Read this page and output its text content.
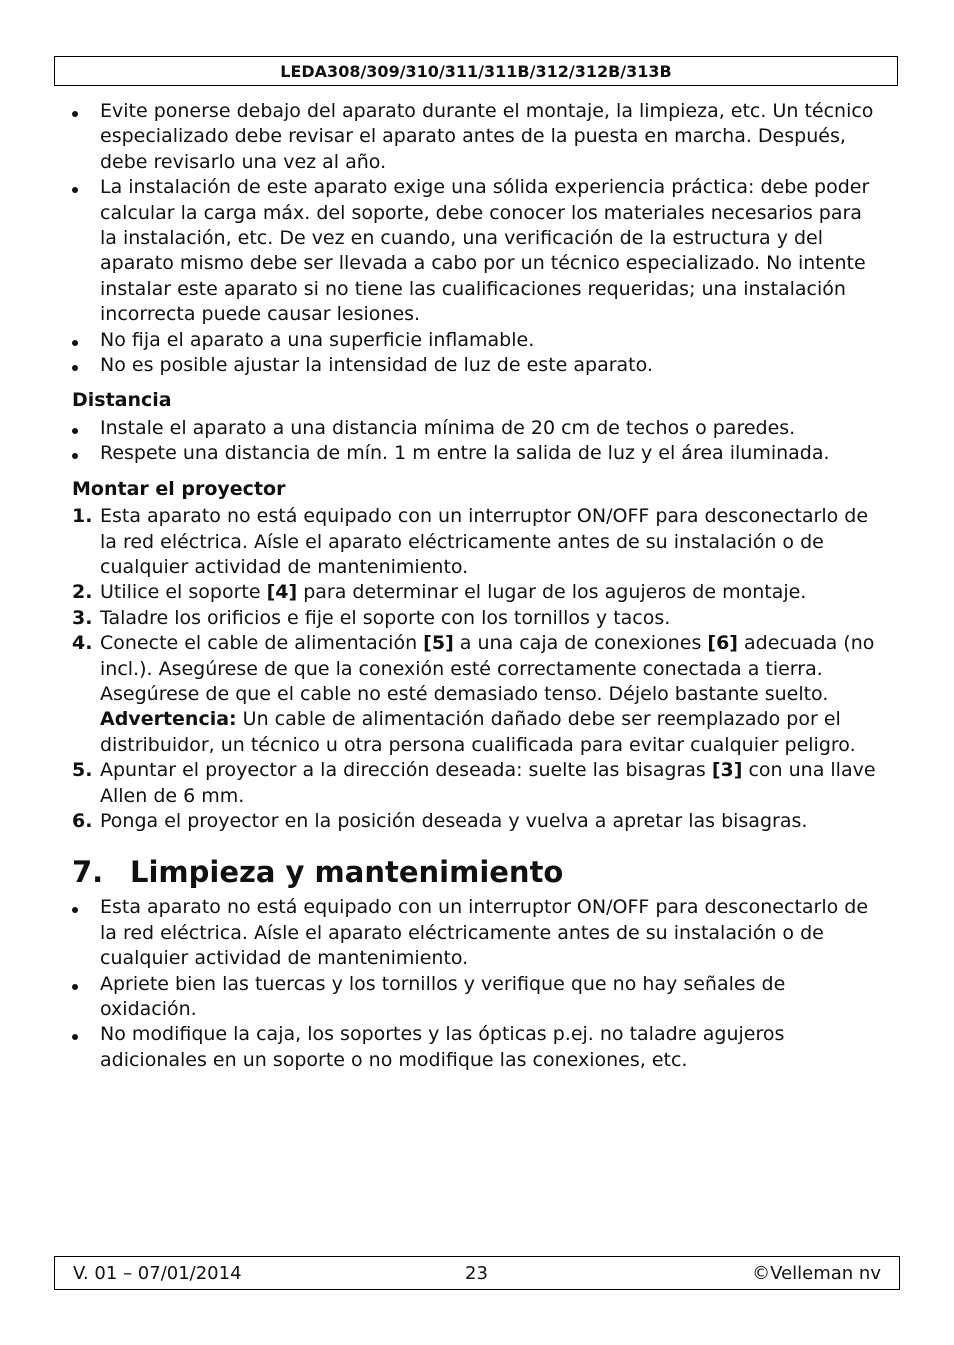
LEDA308/309/310/311/311B/312/312B/313B
Evite ponerse debajo del aparato durante el montaje, la limpieza, etc. Un técnico especializado debe revisar el aparato antes de la puesta en marcha. Después, debe revisarlo una vez al año.
La instalación de este aparato exige una sólida experiencia práctica: debe poder calcular la carga máx. del soporte, debe conocer los materiales necesarios para la instalación, etc. De vez en cuando, una verificación de la estructura y del aparato mismo debe ser llevada a cabo por un técnico especializado. No intente instalar este aparato si no tiene las cualificaciones requeridas; una instalación incorrecta puede causar lesiones.
No fija el aparato a una superficie inflamable.
No es posible ajustar la intensidad de luz de este aparato.
Distancia
Instale el aparato a una distancia mínima de 20 cm de techos o paredes.
Respete una distancia de mín. 1 m entre la salida de luz y el área iluminada.
Montar el proyector
1. Esta aparato no está equipado con un interruptor ON/OFF para desconectarlo de la red eléctrica. Aísle el aparato eléctricamente antes de su instalación o de cualquier actividad de mantenimiento.
2. Utilice el soporte [4] para determinar el lugar de los agujeros de montaje.
3. Taladre los orificios e fije el soporte con los tornillos y tacos.
4. Conecte el cable de alimentación [5] a una caja de conexiones [6] adecuada (no incl.). Asegúrese de que la conexión esté correctamente conectada a tierra. Asegúrese de que el cable no esté demasiado tenso. Déjelo bastante suelto.
Advertencia: Un cable de alimentación dañado debe ser reemplazado por el distribuidor, un técnico u otra persona cualificada para evitar cualquier peligro.
5. Apuntar el proyector a la dirección deseada: suelte las bisagras [3] con una llave Allen de 6 mm.
6. Ponga el proyector en la posición deseada y vuelva a apretar las bisagras.
7. Limpieza y mantenimiento
Esta aparato no está equipado con un interruptor ON/OFF para desconectarlo de la red eléctrica. Aísle el aparato eléctricamente antes de su instalación o de cualquier actividad de mantenimiento.
Apriete bien las tuercas y los tornillos y verifique que no hay señales de oxidación.
No modifique la caja, los soportes y las ópticas p.ej. no taladre agujeros adicionales en un soporte o no modifique las conexiones, etc.
V. 01 – 07/01/2014	23	©Velleman nv
